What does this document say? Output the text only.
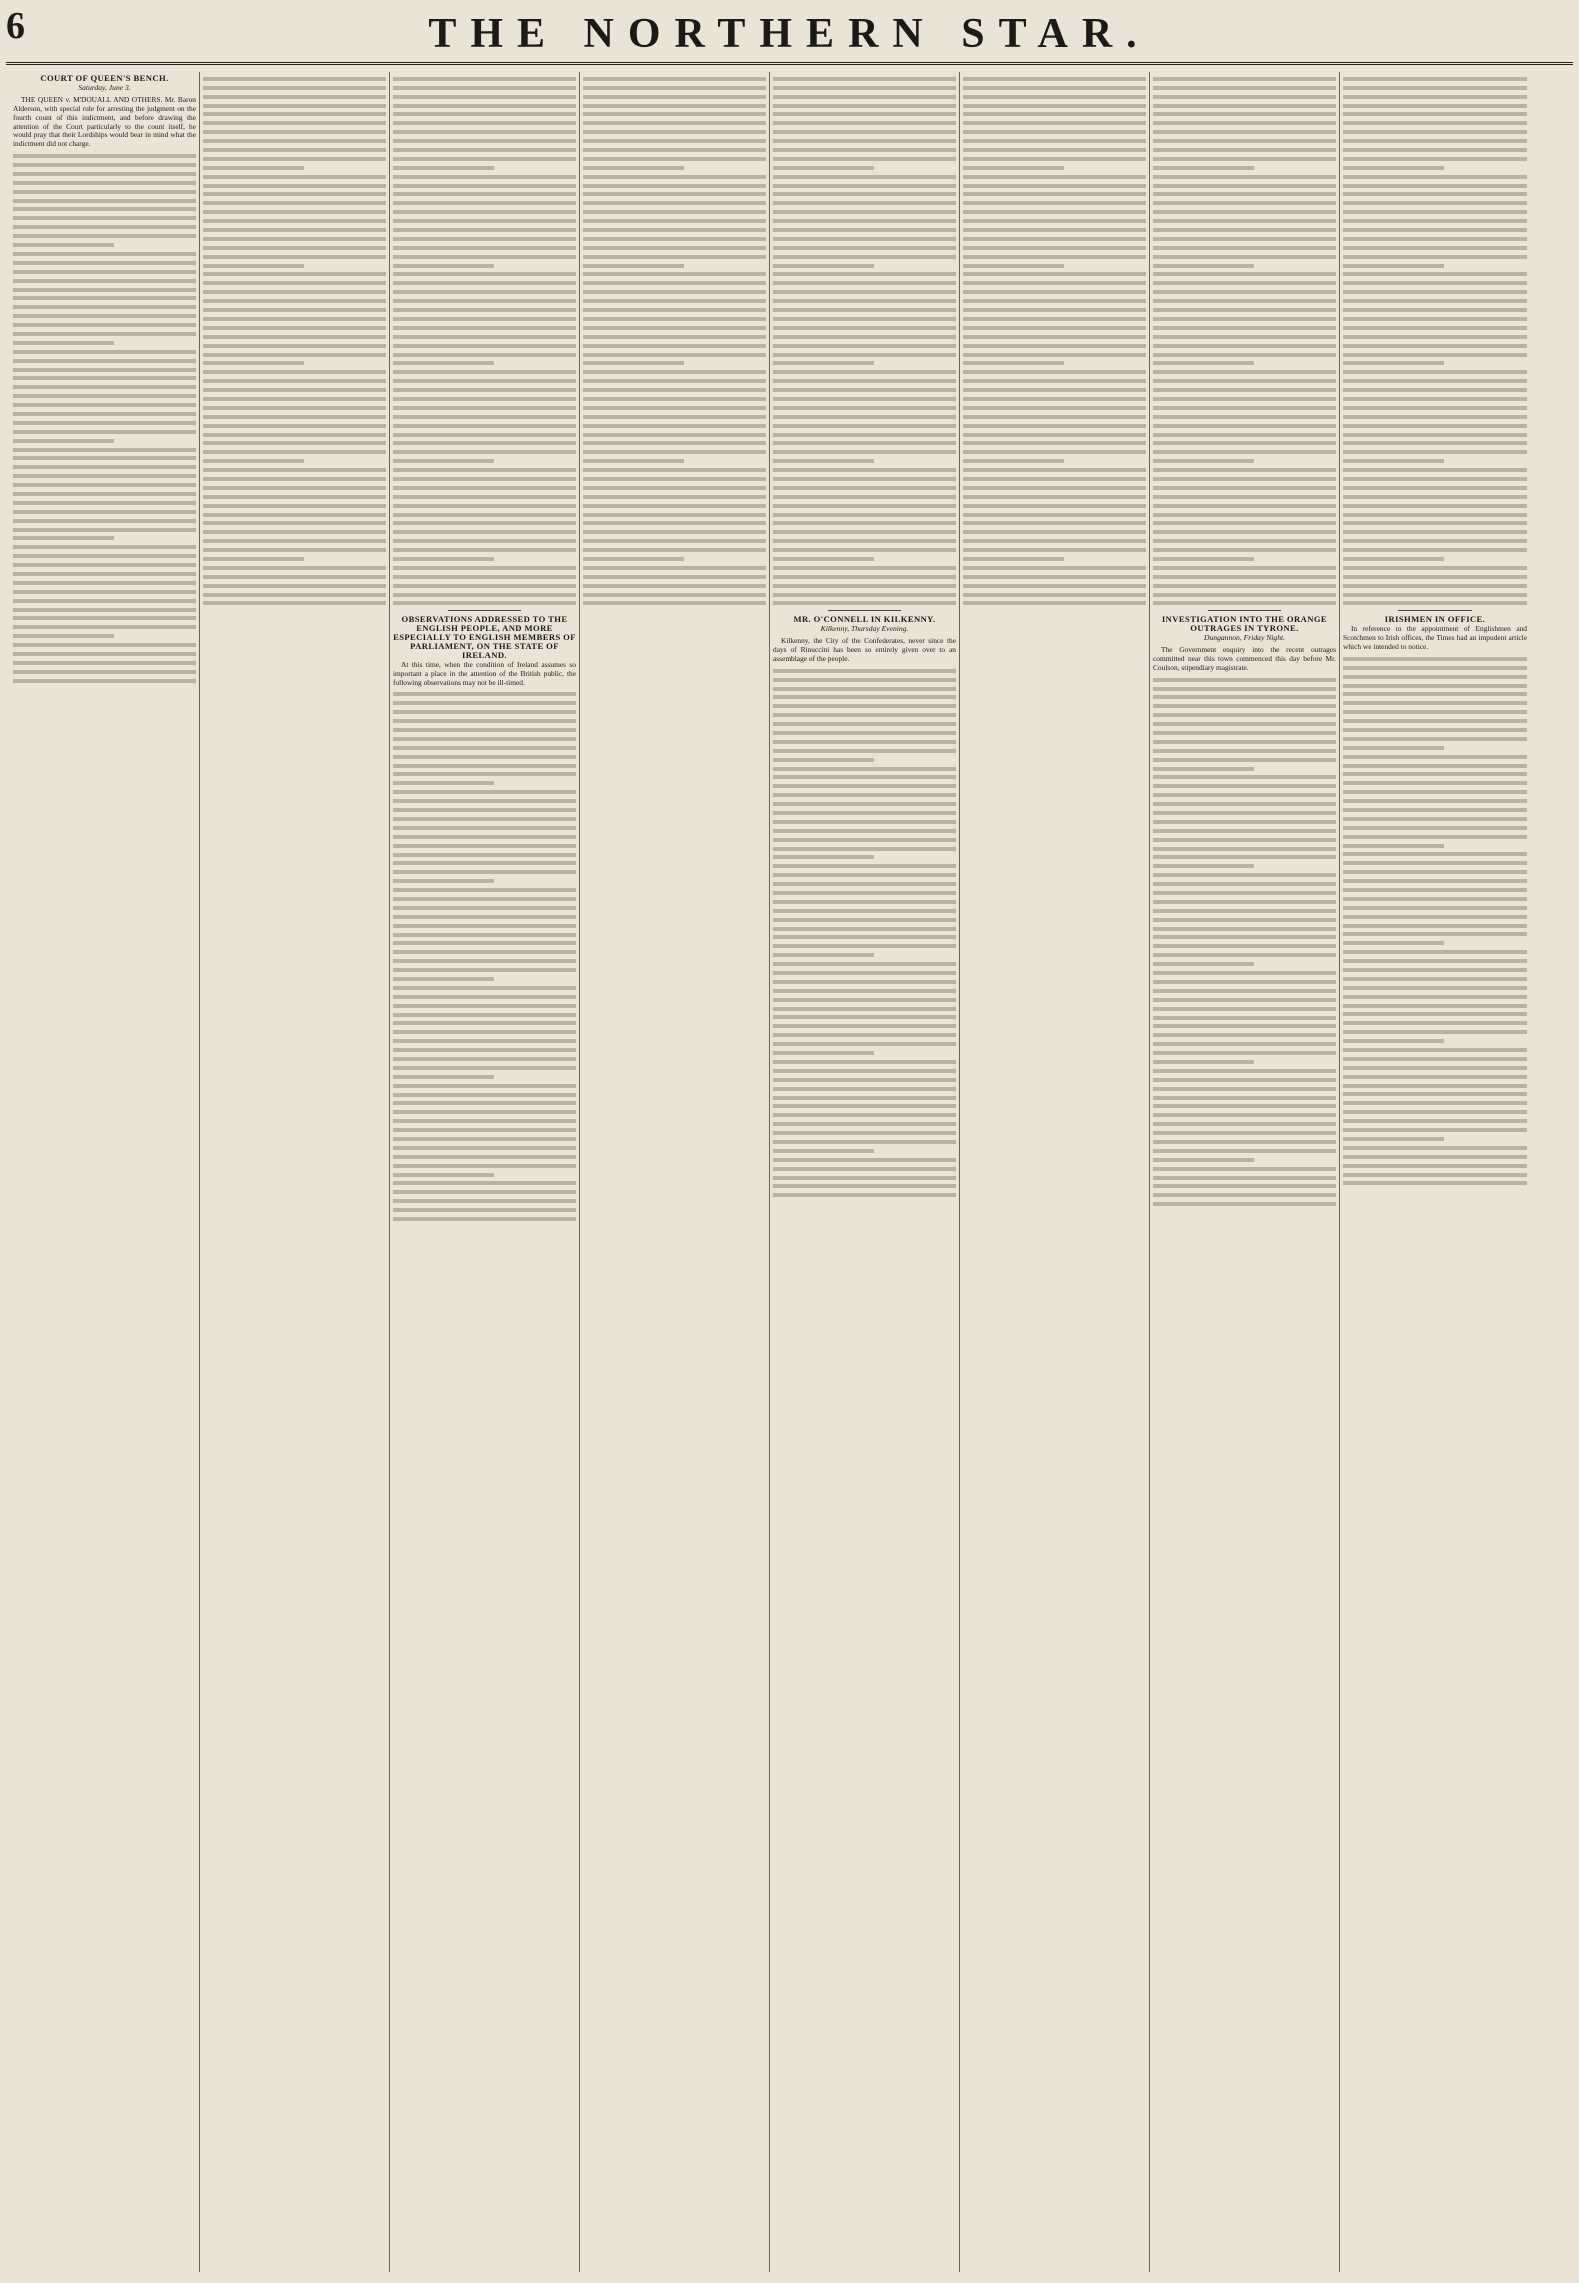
6	THE NORTHERN STAR.
COURT OF QUEEN'S BENCH.
Saturday, June 3.

THE QUEEN v. M'DOUALL AND OTHERS. Mr. Baron Alderson, with special rule for arresting the judgment on the fourth count of this indictment, and before drawing the attention of the Court particularly to the count itself, he would pray that their Lordships would bear in mind what the indictment did not charge.

OBSERVATIONS ADDRESSED TO THE ENGLISH PEOPLE, AND MORE ESPECIALLY TO ENGLISH MEMBERS OF PARLIAMENT, ON THE STATE OF IRELAND.

At this time, when the condition of Ireland assumes so important a place in the attention of the British public, the following observations may not be ill-timed.

MR. O'CONNELL IN KILKENNY.
Kilkenny, Thursday Evening.

Kilkenny, the City of the Confederates, never since the days of Rinuccini has been so entirely given over to an assemblage of the people.

INVESTIGATION INTO THE ORANGE OUTRAGES IN TYRONE.
Dungannon, Friday Night.

The Government enquiry into the recent outrages committed near this town commenced this day before Mr. Coulson, stipendiary magistrate.

IRISHMEN IN OFFICE.

In reference to the appointment of Englishmen and Scotchmen to Irish offices, the Times had an impudent article which we intended to notice.
